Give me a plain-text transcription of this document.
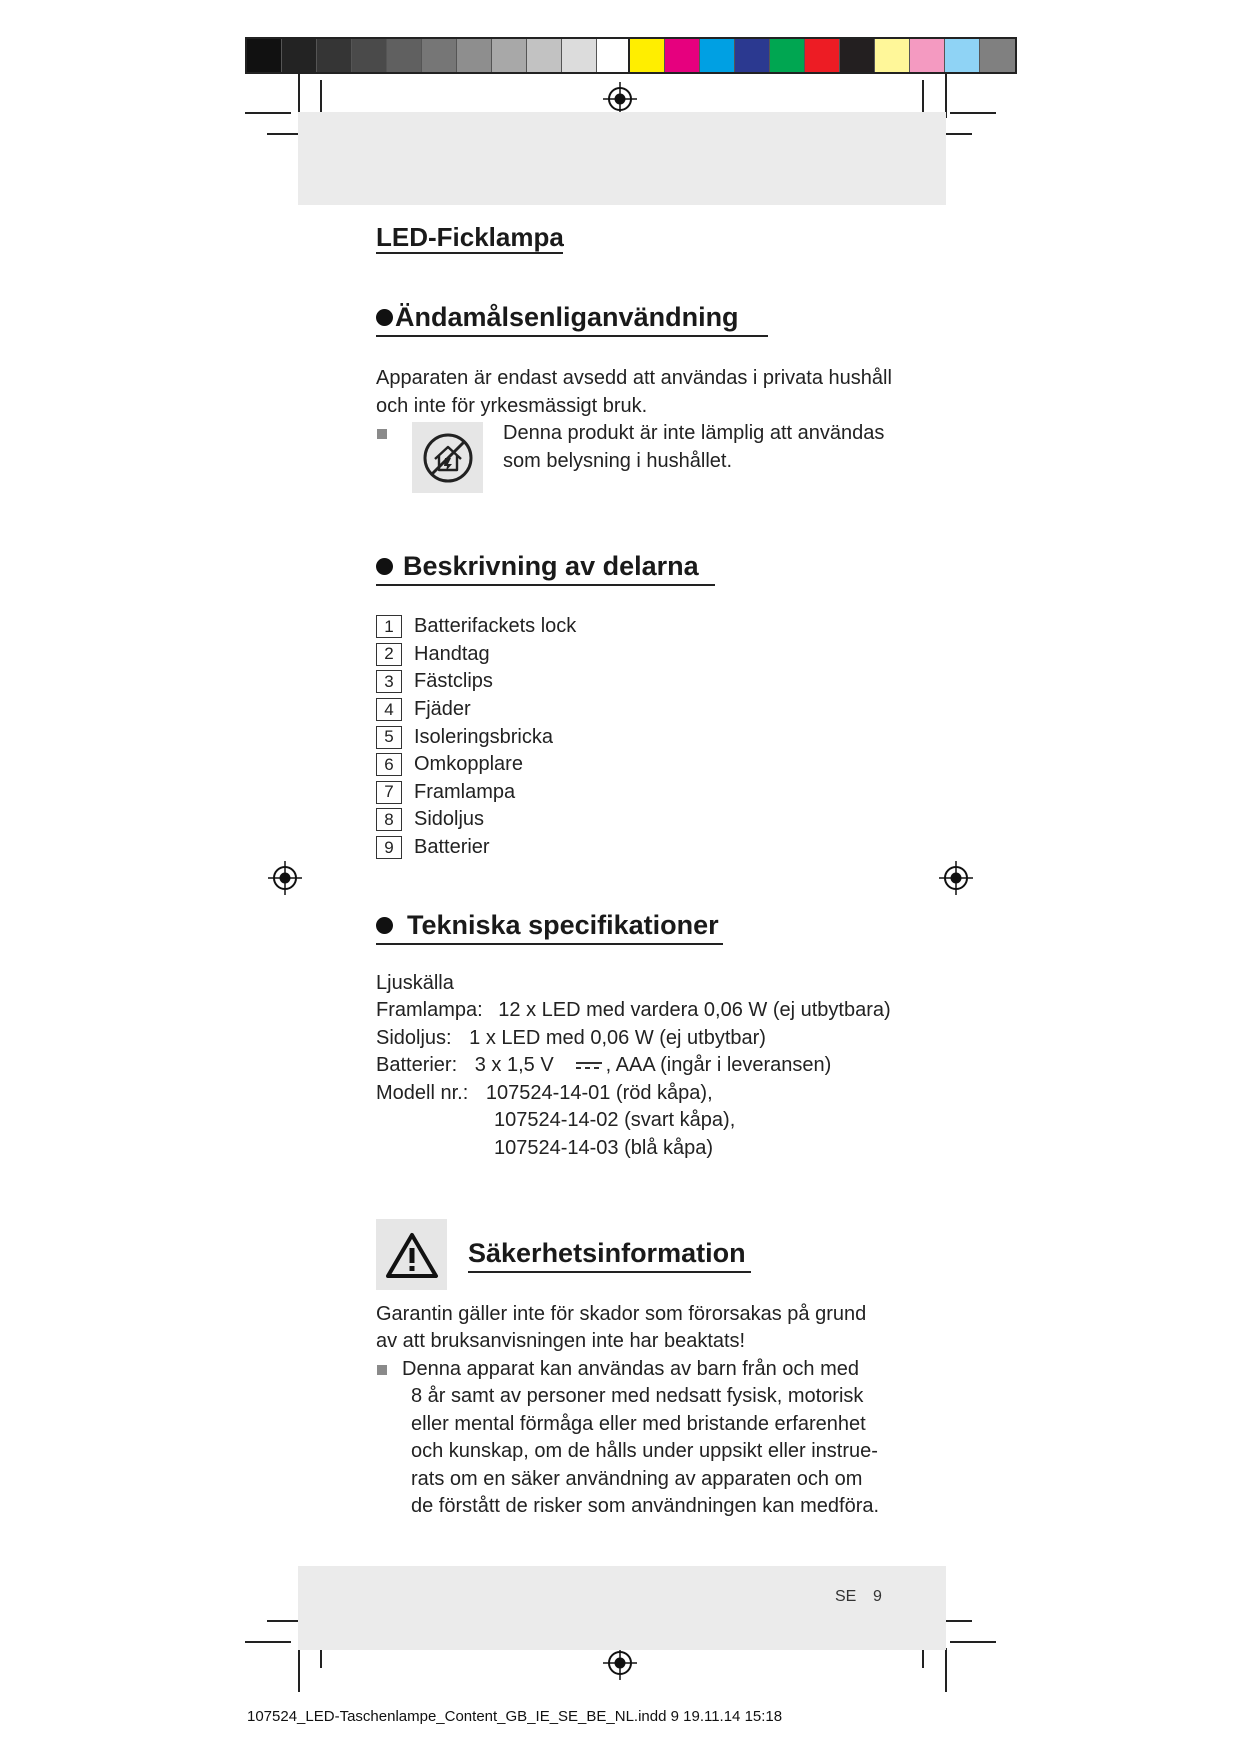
LED-Ficklampa
Ändamålsenliganvändning
Apparaten är endast avsedd att användas i privata hushåll
och inte för yrkesmässigt bruk.
Denna produkt är inte lämplig att användas
som belysning i hushållet.
Beskrivning av delarna
1	Batterifackets lock
2	Handtag
3	Fästclips
4	Fjäder
5	Isoleringsbricka
6	Omkopplare
7	Framlampa
8	Sidoljus
9	Batterier
Tekniska specifikationer
Ljuskälla
Framlampa: 12 x LED med vardera 0,06 W (ej utbytbara)
Sidoljus: 1 x LED med 0,06 W (ej utbytbar)
Batterier: 3 x 1,5 V	, AAA (ingår i leveransen)
Modell nr.: 107524-14-01 (röd kåpa),
107524-14-02 (svart kåpa),
107524-14-03 (blå kåpa)
Säkerhetsinformation
Garantin gäller inte för skador som förorsakas på grund
av att bruksanvisningen inte har beaktats!
Denna apparat kan användas av barn från och med
8 år samt av personer med nedsatt fysisk, motorisk
eller mental förmåga eller med bristande erfarenhet
och kunskap, om de hålls under uppsikt eller instrue-
rats om en säker användning av apparaten och om
de förstått de risker som användningen kan medföra.
SE 9
107524_LED-Taschenlampe_Content_GB_IE_SE_BE_NL.indd 9 19.11.14 15:18
